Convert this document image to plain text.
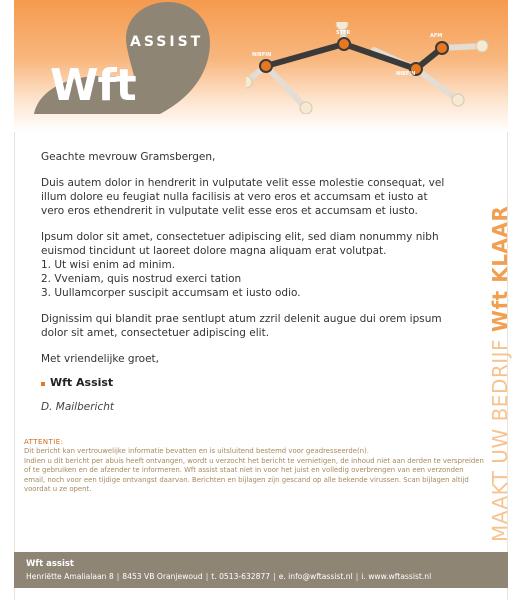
ASSIST
Wft
NIBFIN
STFR	AFM
NIBFIN

Geachte mevrouw Gramsbergen,

Duis autem dolor in hendrerit in vulputate velit esse molestie consequat, vel illum dolore eu feugiat nulla facilisis at vero eros et accumsam et iusto at vero eros ethendrerit in vulputate velit esse eros et accumsam et iusto.

Ipsum dolor sit amet, consectetuer adipiscing elit, sed diam nonummy nibh euismod tincidunt ut laoreet dolore magna aliquam erat volutpat.

1. Ut wisi enim ad minim.
2. Vveniam, quis nostrud exerci tation
3. Uullamcorper suscipit accumsam et iusto odio.

Dignissim qui blandit prae sentlupt atum zzril delenit augue dui orem ipsum dolor sit amet, consectetuer adipiscing elit.

Met vriendelijke groet,

Wft Assist

D. Mailbericht	MAAKT UW BEDRIJF Wft KLAAR

ATTENTIE:

Dit bericht kan vertrouwelijke informatie bevatten en is uitsluitend bestemd voor geadresseerde(n).

Indien u dit bericht per abuis heeft ontvangen, wordt u verzocht het bericht te vernietigen, de inhoud niet aan derden te verspreiden of te gebruiken en de afzender te informeren. Wft assist staat niet in voor het juist en volledig overbrengen van een verzonden email, noch voor een tijdige ontvangst daarvan. Berichten en bijlagen zijn gescand op alle bekende virussen. Scan bijlagen altijd voordat u ze opent.

Wft assist
Henriëtte Amalialaan 8 | 8453 VB Oranjewoud | t. 0513-632877 | e. info@wftassist.nl | i. www.wftassist.nl
